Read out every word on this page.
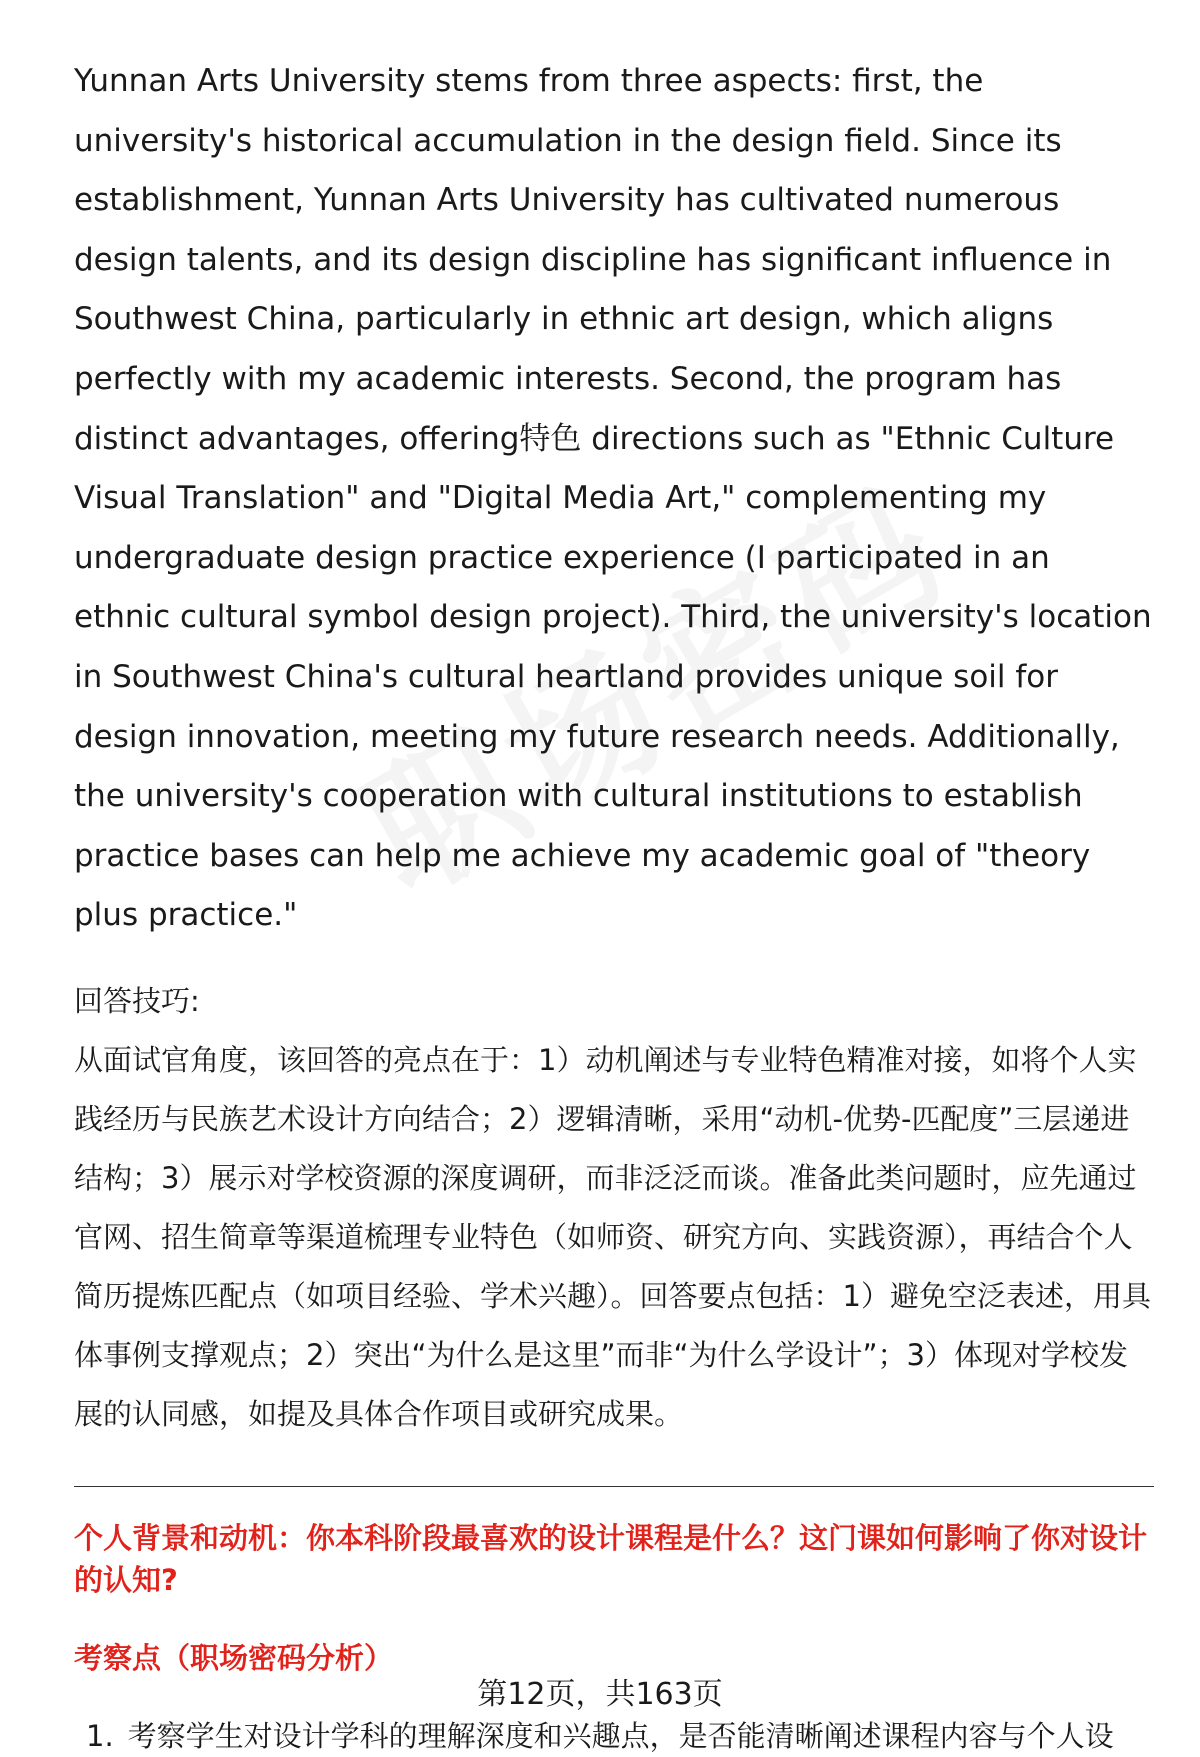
Yunnan Arts University stems from three aspects: first, the university's historical accumulation in the design field. Since its establishment, Yunnan Arts University has cultivated numerous design talents, and its design discipline has significant influence in Southwest China, particularly in ethnic art design, which aligns perfectly with my academic interests. Second, the program has distinct advantages, offering特色 directions such as "Ethnic Culture Visual Translation" and "Digital Media Art," complementing my undergraduate design practice experience (I participated in an ethnic cultural symbol design project). Third, the university's location in Southwest China's cultural heartland provides unique soil for design innovation, meeting my future research needs. Additionally, the university's cooperation with cultural institutions to establish practice bases can help me achieve my academic goal of "theory plus practice."

回答技巧:

从面试官角度，该回答的亮点在于：1）动机阐述与专业特色精准对接，如将个人实践经历与民族艺术设计方向结合；2）逻辑清晰，采用“动机-优势-匹配度”三层递进结构；3）展示对学校资源的深度调研，而非泛泛而谈。准备此类问题时，应先通过官网、招生简章等渠道梳理专业特色（如师资、研究方向、实践资源），再结合个人简历提炼匹配点（如项目经验、学术兴趣）。回答要点包括：1）避免空泛表述，用具体事例支撑观点；2）突出“为什么是这里”而非“为什么学设计”；3）体现对学校发展的认同感，如提及具体合作项目或研究成果。

个人背景和动机：你本科阶段最喜欢的设计课程是什么？这门课如何影响了你对设计的认知?
考察点（职场密码分析）
1. 考察学生对设计学科的理解深度和兴趣点，是否能清晰阐述课程内容与个人设
第12页，共163页
